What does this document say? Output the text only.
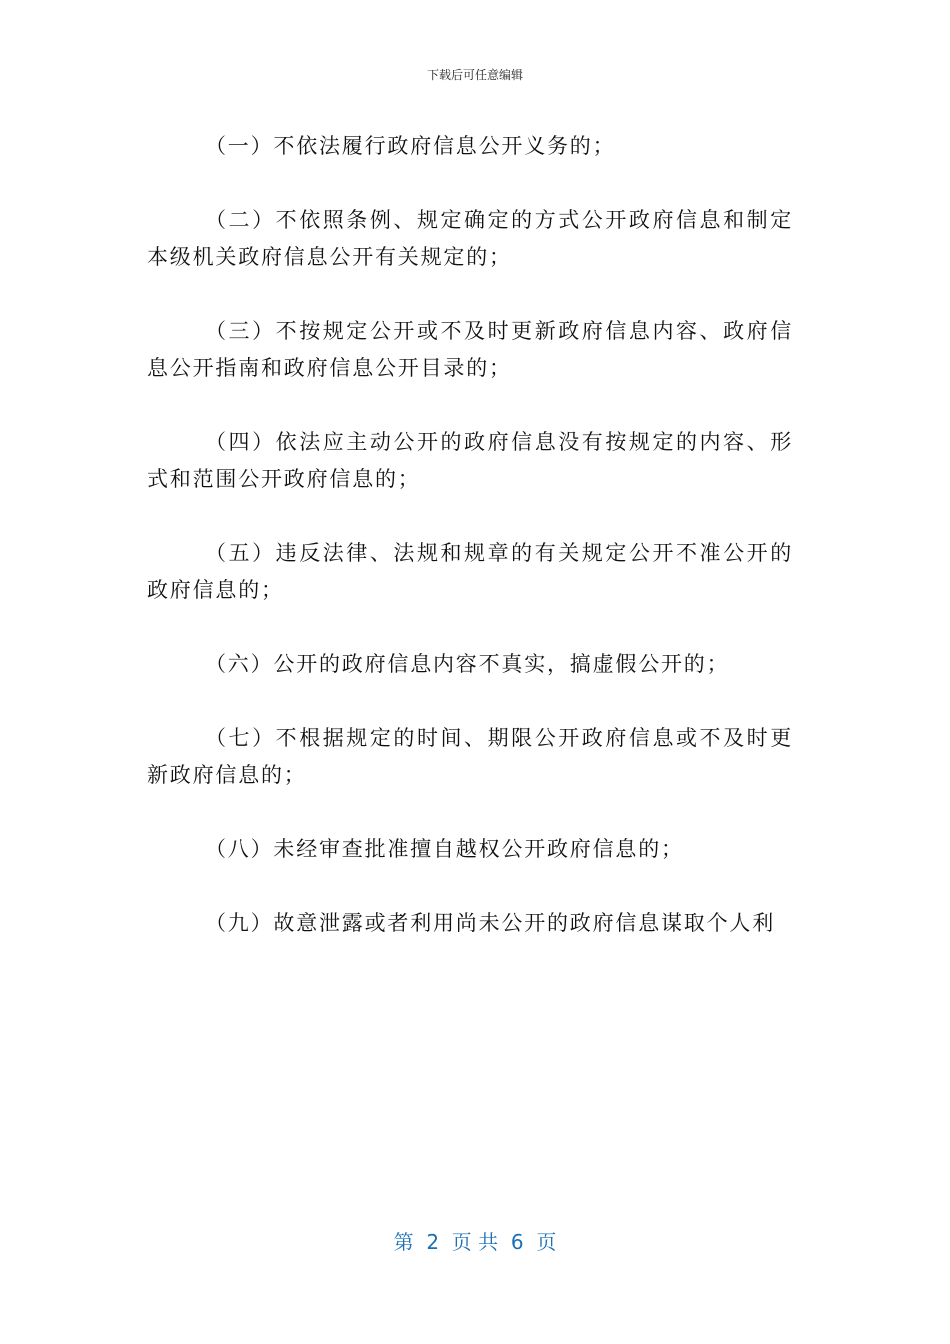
下载后可任意编辑

（一）不依法履行政府信息公开义务的；

（二）不依照条例、规定确定的方式公开政府信息和制定本级机关政府信息公开有关规定的；

（三）不按规定公开或不及时更新政府信息内容、政府信息公开指南和政府信息公开目录的；

（四）依法应主动公开的政府信息没有按规定的内容、形式和范围公开政府信息的；

（五）违反法律、法规和规章的有关规定公开不准公开的政府信息的；

（六）公开的政府信息内容不真实，搞虚假公开的；

（七）不根据规定的时间、期限公开政府信息或不及时更新政府信息的；

（八）未经审查批准擅自越权公开政府信息的；

（九）故意泄露或者利用尚未公开的政府信息谋取个人利

第  2  页 共  6  页
